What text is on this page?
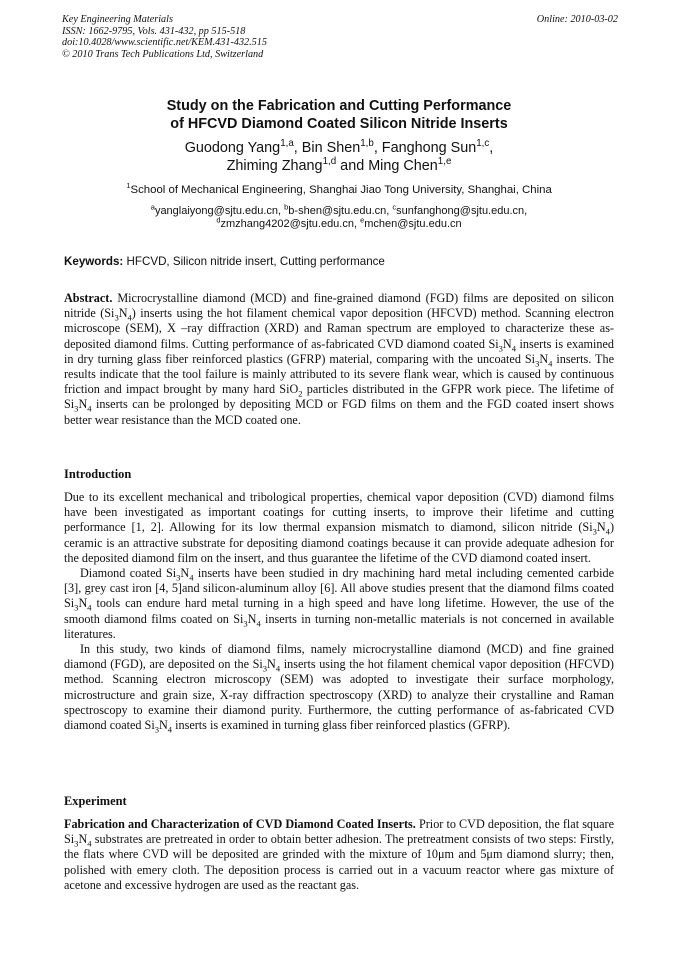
Key Engineering Materials
ISSN: 1662-9795, Vols. 431-432, pp 515-518
doi:10.4028/www.scientific.net/KEM.431-432.515
© 2010 Trans Tech Publications Ltd, Switzerland
Online: 2010-03-02
Study on the Fabrication and Cutting Performance
of HFCVD Diamond Coated Silicon Nitride Inserts
Guodong Yang$^{1,a}$, Bin Shen$^{1,b}$, Fanghong Sun$^{1,c}$,
Zhiming Zhang$^{1,d}$ and Ming Chen$^{1,e}$
$^1$School of Mechanical Engineering, Shanghai Jiao Tong University, Shanghai, China
$^a$yanglaiyong@sjtu.edu.cn, $^b$b-shen@sjtu.edu.cn, $^c$sunfanghong@sjtu.edu.cn,
$^d$zmzhang4202@sjtu.edu.cn, $^e$mchen@sjtu.edu.cn
Keywords: HFCVD, Silicon nitride insert, Cutting performance

Abstract. Microcrystalline diamond (MCD) and fine-grained diamond (FGD) films are deposited on silicon nitride $(Si_3N_4)$ inserts using the hot filament chemical vapor deposition (HFCVD) method. Scanning electron microscope (SEM), X –ray diffraction (XRD) and Raman spectrum are employed to characterize these as-deposited diamond films. Cutting performance of as-fabricated CVD diamond coated $Si_3N_4$ inserts is examined in dry turning glass fiber reinforced plastics (GFRP) material, comparing with the uncoated $Si_3N_4$ inserts. The results indicate that the tool failure is mainly attributed to its severe flank wear, which is caused by continuous friction and impact brought by many hard SiO$_2$ particles distributed in the GFPR work piece. The lifetime of $Si_3N_4$ inserts can be prolonged by depositing MCD or FGD films on them and the FGD coated insert shows better wear resistance than the MCD coated one.

Introduction

Due to its excellent mechanical and tribological properties, chemical vapor deposition (CVD) diamond films have been investigated as important coatings for cutting inserts, to improve their lifetime and cutting performance [1, 2]. Allowing for its low thermal expansion mismatch to diamond, silicon nitride $(Si_3N_4)$ ceramic is an attractive substrate for depositing diamond coatings because it can provide adequate adhesion for the deposited diamond film on the insert, and thus guarantee the lifetime of the CVD diamond coated insert.

Diamond coated $Si_3N_4$ inserts have been studied in dry machining hard metal including cemented carbide [3], grey cast iron [4, 5]and silicon-aluminum alloy [6]. All above studies present that the diamond films coated $Si_3N_4$ tools can endure hard metal turning in a high speed and have long lifetime. However, the use of the smooth diamond films coated on $Si_3N_4$ inserts in turning non-metallic materials is not concerned in available literatures.

In this study, two kinds of diamond films, namely microcrystalline diamond (MCD) and fine grained diamond (FGD), are deposited on the $Si_3N_4$ inserts using the hot filament chemical vapor deposition (HFCVD) method. Scanning electron microscopy (SEM) was adopted to investigate their surface morphology, microstructure and grain size, X-ray diffraction spectroscopy (XRD) to analyze their crystalline and Raman spectroscopy to examine their diamond purity. Furthermore, the cutting performance of as-fabricated CVD diamond coated $Si_3N_4$ inserts is examined in turning glass fiber reinforced plastics (GFRP).

Experiment

Fabrication and Characterization of CVD Diamond Coated Inserts. Prior to CVD deposition, the flat square $Si_3N_4$ substrates are pretreated in order to obtain better adhesion. The pretreatment consists of two steps: Firstly, the flats where CVD will be deposited are grinded with the mixture of 10μm and 5μm diamond slurry; then, polished with emery cloth. The deposition process is carried out in a vacuum reactor where gas mixture of acetone and excessive hydrogen are used as the reactant gas.
